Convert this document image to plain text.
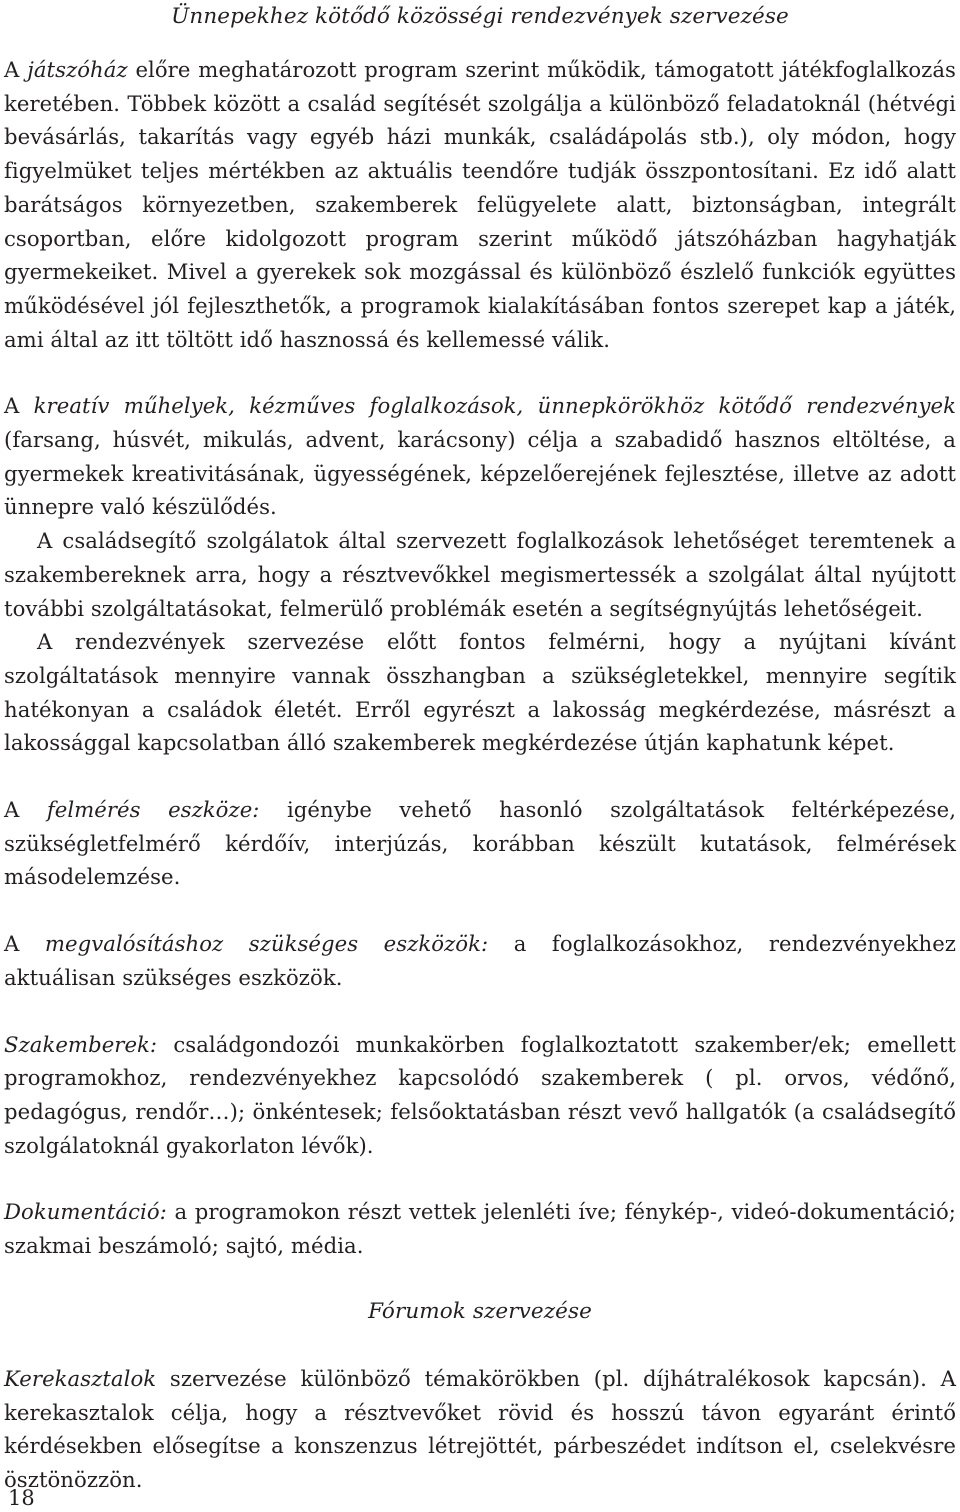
Ünnepekhez kötődő közösségi rendezvények szervezése

A játszóház előre meghatározott program szerint működik, támogatott játékfoglalkozás keretében. Többek között a család segítését szolgálja a különböző feladatoknál (hétvégi bevásárlás, takarítás vagy egyéb házi munkák, családápolás stb.), oly módon, hogy figyelmüket teljes mértékben az aktuális teendőre tudják összpontosítani. Ez idő alatt barátságos környezetben, szakemberek felügyelete alatt, biztonságban, integrált csoportban, előre kidolgozott program szerint működő játszóházban hagyhatják gyermekeiket. Mivel a gyerekek sok mozgással és különböző észlelő funkciók együttes működésével jól fejleszthetők, a programok kialakításában fontos szerepet kap a játék, ami által az itt töltött idő hasznossá és kellemessé válik.

A kreatív műhelyek, kézműves foglalkozások, ünnepkörökhöz kötődő rendezvények (farsang, húsvét, mikulás, advent, karácsony) célja a szabadidő hasznos eltöltése, a gyermekek kreativitásának, ügyességének, képzelőerejének fejlesztése, illetve az adott ünnepre való készülődés.

A családsegítő szolgálatok által szervezett foglalkozások lehetőséget teremtenek a szakembereknek arra, hogy a résztvevőkkel megismertessék a szolgálat által nyújtott további szolgáltatásokat, felmerülő problémák esetén a segítségnyújtás lehetőségeit.

A rendezvények szervezése előtt fontos felmérni, hogy a nyújtani kívánt szolgáltatások mennyire vannak összhangban a szükségletekkel, mennyire segítik hatékonyan a családok életét. Erről egyrészt a lakosság megkérdezése, másrészt a lakossággal kapcsolatban álló szakemberek megkérdezése útján kaphatunk képet.

A felmérés eszköze: igénybe vehető hasonló szolgáltatások feltérképezése, szükségletfelmérő kérdőív, interjúzás, korábban készült kutatások, felmérések másodelemzése.

A megvalósításhoz szükséges eszközök: a foglalkozásokhoz, rendezvényekhez aktuálisan szükséges eszközök.

Szakemberek: családgondozói munkakörben foglalkoztatott szakember/ek; emellett programokhoz, rendezvényekhez kapcsolódó szakemberek ( pl. orvos, védőnő, pedagógus, rendőr…); önkéntesek; felsőoktatásban részt vevő hallgatók (a családsegítő szolgálatoknál gyakorlaton lévők).

Dokumentáció: a programokon részt vettek jelenléti íve; fénykép-, videó-dokumentáció; szakmai beszámoló; sajtó, média.

Fórumok szervezése

Kerekasztalok szervezése különböző témakörökben (pl. díjhátralékosok kapcsán). A kerekasztalok célja, hogy a résztvevőket rövid és hosszú távon egyaránt érintő kérdésekben elősegítse a konszenzus létrejöttét, párbeszédet indítson el, cselekvésre ösztönözzön.

18
